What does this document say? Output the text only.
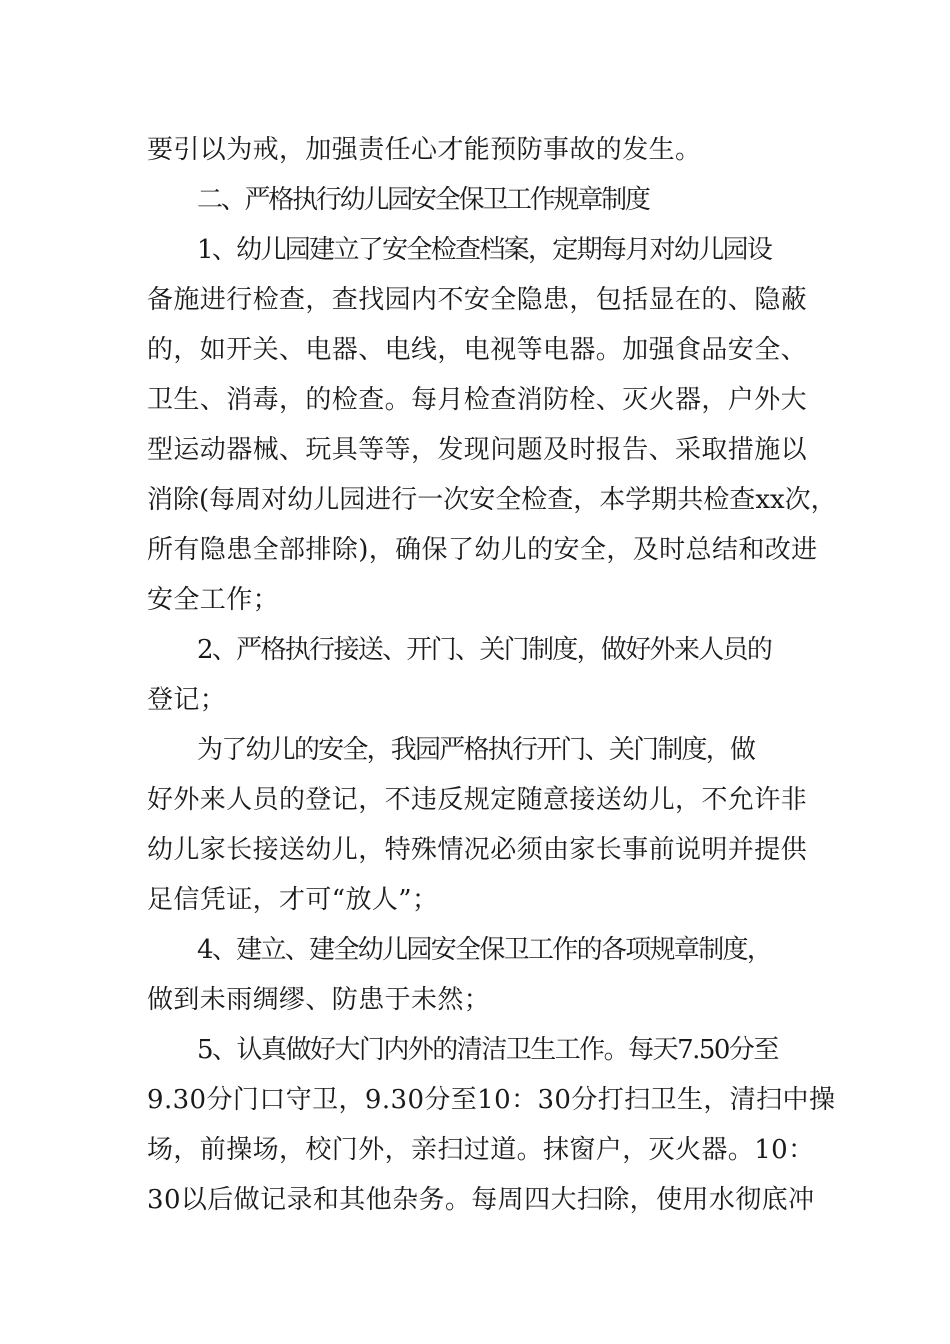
要引以为戒，加强责任心才能预防事故的发生。
二、严格执行幼儿园安全保卫工作规章制度
1、幼儿园建立了安全检查档案，定期每月对幼儿园设
备施进行检查，查找园内不安全隐患，包括显在的、隐蔽
的，如开关、电器、电线，电视等电器。加强食品安全、
卫生、消毒，的检查。每月检查消防栓、灭火器，户外大
型运动器械、玩具等等，发现问题及时报告、采取措施以
消除(每周对幼儿园进行一次安全检查，本学期共检查xx次，
所有隐患全部排除)，确保了幼儿的安全，及时总结和改进
安全工作；
2、严格执行接送、开门、关门制度，做好外来人员的
登记；
为了幼儿的安全，我园严格执行开门、关门制度，做
好外来人员的登记，不违反规定随意接送幼儿，不允许非
幼儿家长接送幼儿，特殊情况必须由家长事前说明并提供
足信凭证，才可“放人”；
4、建立、建全幼儿园安全保卫工作的各项规章制度，
做到未雨绸缪、防患于未然；
5、认真做好大门内外的清洁卫生工作。每天7.50分至
9.30分门口守卫，9.30分至10：30分打扫卫生，清扫中操
场，前操场，校门外，亲扫过道。抹窗户，灭火器。10：
30以后做记录和其他杂务。每周四大扫除，使用水彻底冲
